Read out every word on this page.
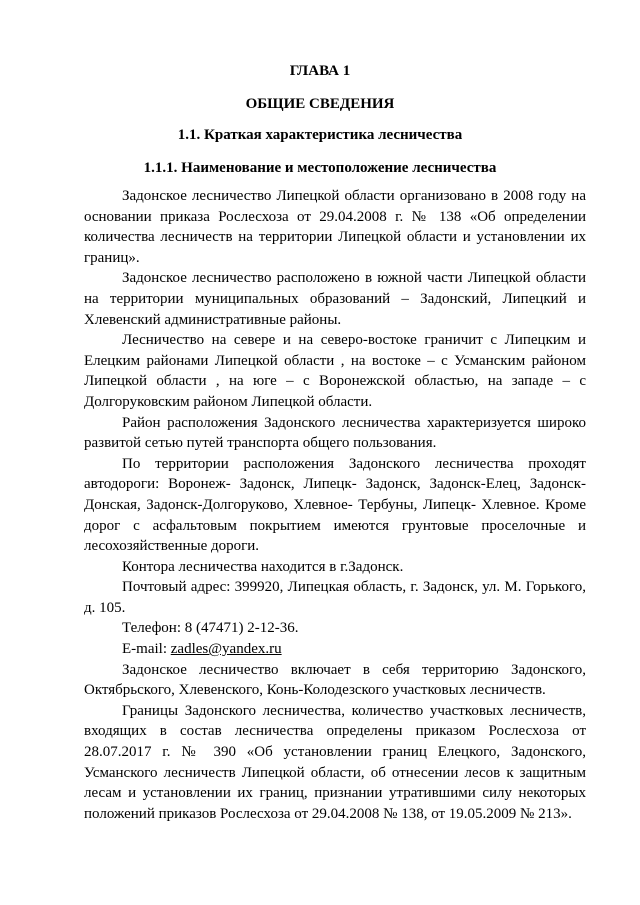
ГЛАВА 1
ОБЩИЕ СВЕДЕНИЯ
1.1. Краткая характеристика лесничества
1.1.1. Наименование и местоположение лесничества

Задонское лесничество Липецкой области организовано в 2008 году на основании приказа Рослесхоза от 29.04.2008 г. № 138 «Об определении количества лесничеств на территории Липецкой области и установлении их границ».

Задонское лесничество расположено в южной части Липецкой области на территории муниципальных образований – Задонский, Липецкий и Хлевенский административные районы.

Лесничество на севере и на северо-востоке граничит с Липецким и Елецким районами Липецкой области , на востоке – с Усманским районом Липецкой области , на юге – с Воронежской областью, на западе – с Долгоруковским районом Липецкой области.

Район расположения Задонского лесничества характеризуется широко развитой сетью путей транспорта общего пользования.

По территории расположения Задонского лесничества проходят автодороги: Воронеж- Задонск, Липецк- Задонск, Задонск-Елец, Задонск-Донская, Задонск-Долгоруково, Хлевное- Тербуны, Липецк- Хлевное. Кроме дорог с асфальтовым покрытием имеются грунтовые проселочные и лесохозяйственные дороги.

Контора лесничества находится в г.Задонск.

Почтовый адрес: 399920, Липецкая область, г. Задонск, ул. М. Горького, д. 105.

Телефон: 8 (47471) 2-12-36.

E-mail: zadles@yandex.ru

Задонское лесничество включает в себя территорию Задонского, Октябрьского, Хлевенского, Конь-Колодезского участковых лесничеств.

Границы Задонского лесничества, количество участковых лесничеств, входящих в состав лесничества определены приказом Рослесхоза от 28.07.2017 г. № 390 «Об установлении границ Елецкого, Задонского, Усманского лесничеств Липецкой области, об отнесении лесов к защитным лесам и установлении их границ, признании утратившими силу некоторых положений приказов Рослесхоза от 29.04.2008 № 138, от 19.05.2009 № 213».
